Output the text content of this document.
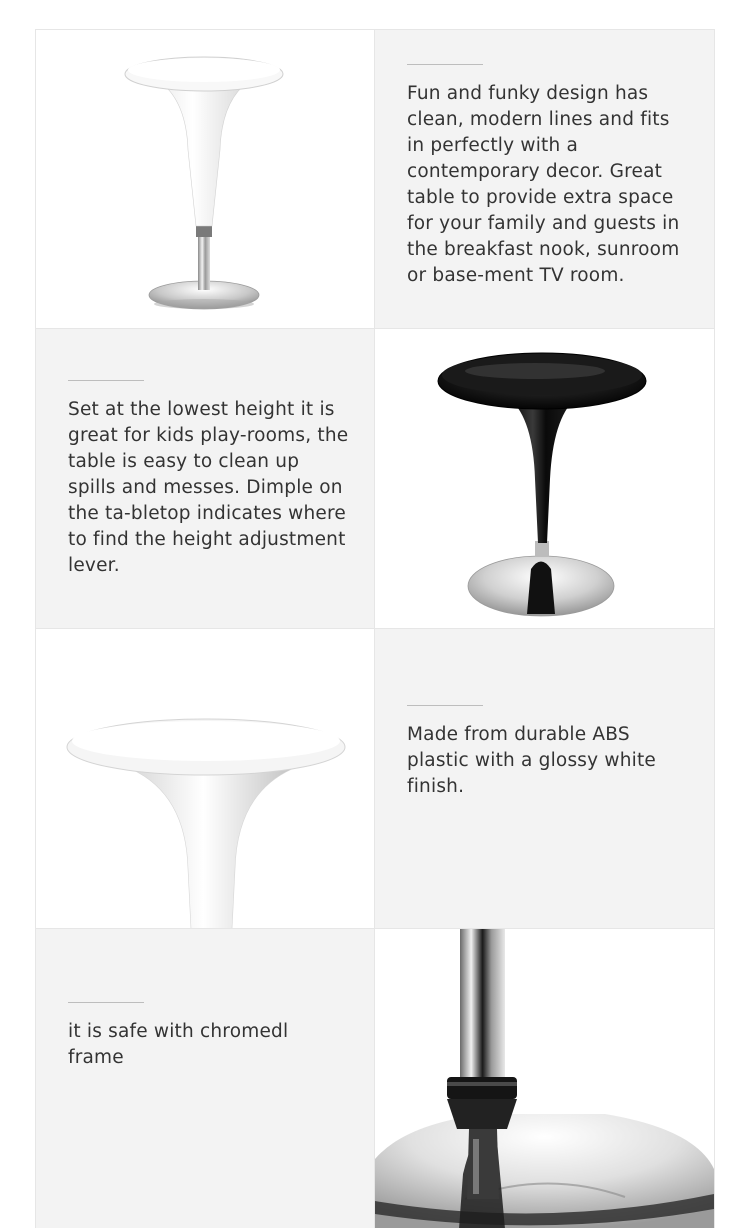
Fun and funky design has clean, modern lines and fits in perfectly with a contemporary decor. Great table to provide extra space for your family and guests in the breakfast nook, sunroom or base-ment TV room.

Set at the lowest height it is great for kids play-rooms, the table is easy to clean up spills and messes. Dimple on the ta-bletop indicates where to find the height adjustment lever.

Made from durable ABS plastic with a glossy white finish.

it is safe with chromedl frame
